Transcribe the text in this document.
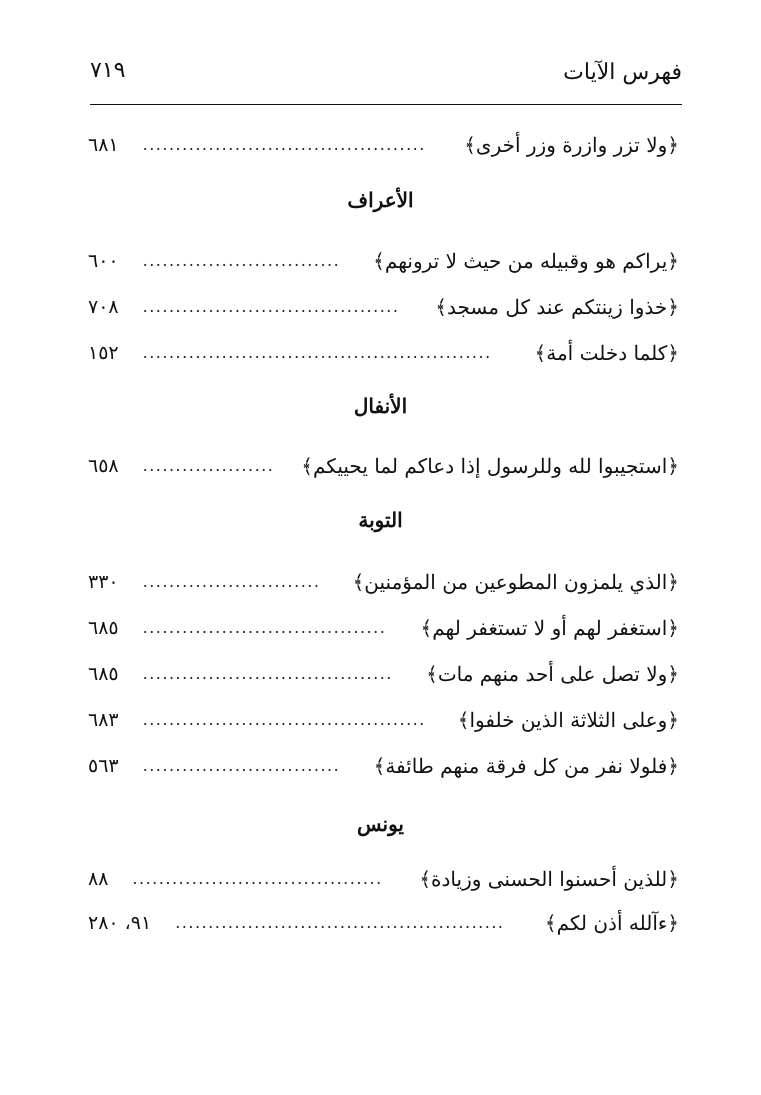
فهرس الآيات
٧١٩
﴿ولا تزر وازرة وزر أخرى﴾
...........................................
٦٨١
الأعراف
﴿يراكم هو وقبيله من حيث لا ترونهم﴾
..............................
٦٠٠
﴿خذوا زينتكم عند كل مسجد﴾
.......................................
٧٠٨
﴿كلما دخلت أمة﴾
.....................................................
١٥٢
الأنفال
﴿استجيبوا لله وللرسول إذا دعاكم لما يحييكم﴾
....................
٦٥٨
التوبة
﴿الذي يلمزون المطوعين من المؤمنين﴾
...........................
٣٣٠
﴿استغفر لهم أو لا تستغفر لهم﴾
.....................................
٦٨٥
﴿ولا تصل على أحد منهم مات﴾
......................................
٦٨٥
﴿وعلى الثلاثة الذين خلفوا﴾
...........................................
٦٨٣
﴿فلولا نفر من كل فرقة منهم طائفة﴾
..............................
٥٦٣
يونس
﴿للذين أحسنوا الحسنى وزيادة﴾
......................................
٨٨
﴿ءآلله أذن لكم﴾
..................................................
٩١، ٢٨٠
